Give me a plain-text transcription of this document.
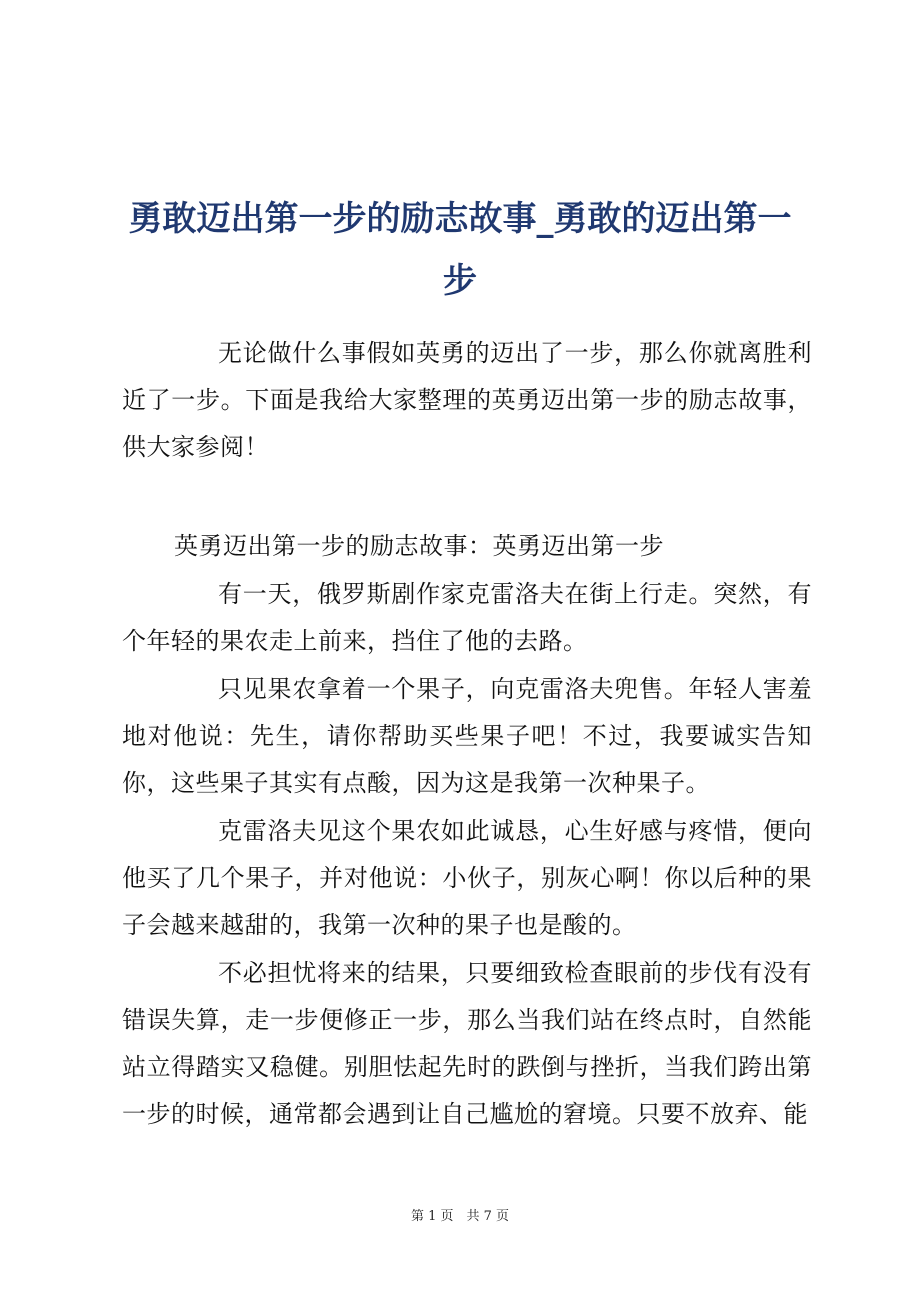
勇敢迈出第一步的励志故事_勇敢的迈出第一步

无论做什么事假如英勇的迈出了一步，那么你就离胜利近了一步。下面是我给大家整理的英勇迈出第一步的励志故事，供大家参阅！

英勇迈出第一步的励志故事：英勇迈出第一步

有一天，俄罗斯剧作家克雷洛夫在街上行走。突然，有个年轻的果农走上前来，挡住了他的去路。

只见果农拿着一个果子，向克雷洛夫兜售。年轻人害羞地对他说：先生，请你帮助买些果子吧！不过，我要诚实告知你，这些果子其实有点酸，因为这是我第一次种果子。

克雷洛夫见这个果农如此诚恳，心生好感与疼惜，便向他买了几个果子，并对他说：小伙子，别灰心啊！你以后种的果子会越来越甜的，我第一次种的果子也是酸的。

不必担忧将来的结果，只要细致检查眼前的步伐有没有错误失算，走一步便修正一步，那么当我们站在终点时，自然能站立得踏实又稳健。别胆怯起先时的跌倒与挫折，当我们跨出第一步的时候，通常都会遇到让自己尴尬的窘境。只要不放弃、能

第 1 页　共 7 页
